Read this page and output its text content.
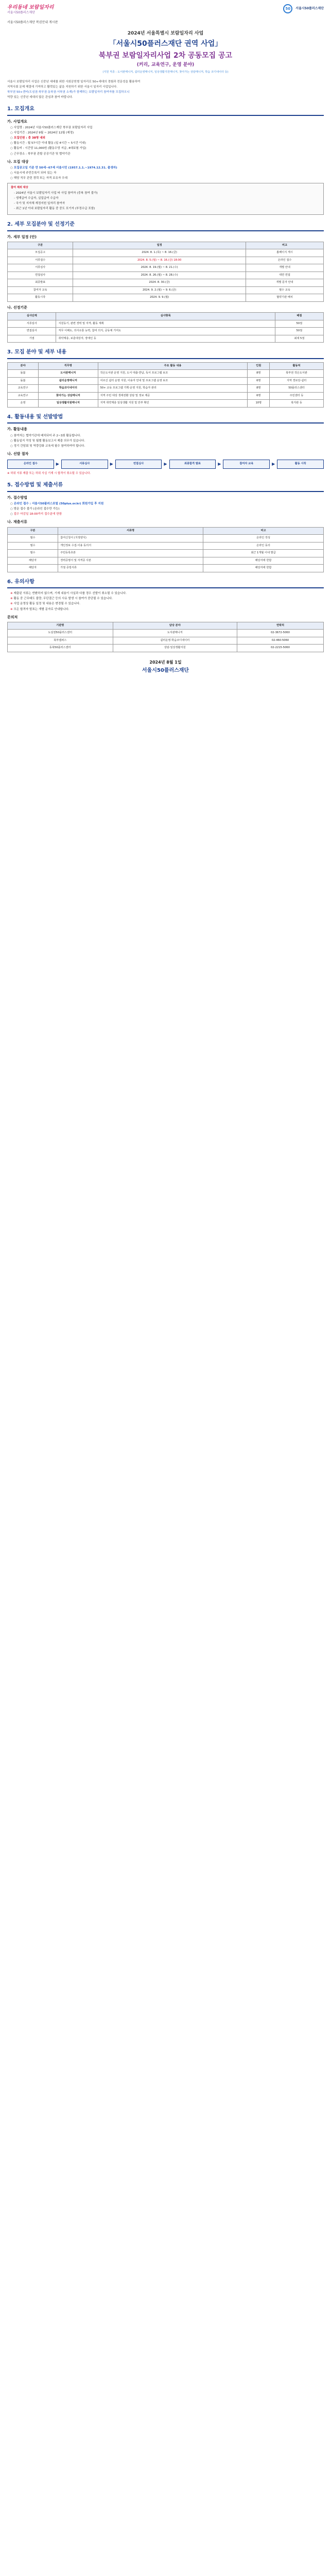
우리동네 보람일자리
서울시50플러스재단
50	서울시50플러스재단
서울시50플러스재단 복권안내 게시판
2024년 서울특별시 보람일자리 사업
「서울시50플러스재단 권역 사업」
북부권 보람일자리사업 2차 공동모집 공고
(커리, 교육연구, 운영 분야)
(지원 직종 : 도서관매니저, 쉼터운영매니저, 일상생활지원매니저, 찾아가는 상담매니저, 학습 코디네이터 등)

서울시 보람일자리 사업은 신중년 세대를 위한 사회공헌형 일자리로 50+세대의 경험과 전문성을 활용하여

지역사회 문제 해결에 기여하고 활력있는 삶을 지원하기 위한 서울시 일자리 사업입니다.

북부권 50+센터(도심권·북부권·동북권·서북권 소재)가 함께하는 보람일자리 참여자를 모집하오니

역량 있는 신중년 세대의 많은 관심과 참여 바랍니다.

1. 모집개요
가. 사업개요
○ 사업명 : 2024년 서울시50플러스재단 북부권 보람일자리 사업
○ 사업기간 : 2024년 9월 ~ 2024년 12월 (예정)
○ 모집인원 : 총 38명 내외
○ 활동시간 : 월 57시간 이내 활동 (일 4시간 ~ 5시간 이내)
○ 활동비 : 시간당 11,000원 (활동수당 지급, 4대보험 가입)
○ 근무장소 : 북부권 관할 공공기관 및 협약기관
나. 모집 대상
○ 모집공고일 기준 만 50세~67세 서울시민 (1957.1.1.~1974.12.31. 출생자)
○ 서울시에 주민등록이 되어 있는 자
○ 해당 직무 관련 경력 또는 자격 보유자 우대
참여 제외 대상
- 2024년 서울시 보람일자리 사업 타 사업 참여자 (중복 참여 불가)
- 생계급여 수급자, 실업급여 수급자
- 국가 및 지자체 재정지원 일자리 참여자
- 최근 1년 이내 보람일자리 활동 중 중도 포기자 (부정수급 포함)
2. 세부 모집분야 및 선정기준
가. 세부 일정 (안)
구분	일정	비고
모집공고	2024. 8. 1.(목) ~ 8. 16.(금)	홈페이지 게시
서류접수	2024. 8. 5.(월) ~ 8. 16.(금) 18:00	온라인 접수
서류심사	2024. 8. 19.(월) ~ 8. 21.(수)	개별 안내
면접심사	2024. 8. 26.(월) ~ 8. 28.(수)	대면 면접
최종발표	2024. 8. 30.(금)	개별 문자 안내
참여자 교육	2024. 9. 2.(월) ~ 9. 6.(금)	필수 교육
활동시작	2024. 9. 9.(월)	협약기관 배치
나. 선정기준
심사단계	심사항목	배점
서류심사	지원동기, 관련 경력 및 자격, 활동 계획	50점
면접심사	직무 이해도, 의사소통 능력, 참여 의지, 공동체 기여도	50점
가점	취약계층, 보훈대상자, 장애인 등	최대 5점
3. 모집 분야 및 세부 내용
분야	직무명	주요 활동 내용	인원	활동처
돌봄	도서관매니저	작은도서관 운영 지원, 도서 대출·반납, 독서 프로그램 보조	8명	북부권 작은도서관
돌봄	쉼터운영매니저	어르신 쉼터 운영 지원, 이용자 안내 및 프로그램 운영 보조	6명	지역 경로당·쉼터
교육연구	학습코디네이터	50+ 교육 프로그램 기획·운영 지원, 학습자 관리	8명	50플러스센터
교육연구	찾아가는 상담매니저	지역 주민 대상 생애전환 상담 및 정보 제공	6명	주민센터 등
운영	일상생활지원매니저	지역 취약계층 일상생활 지원 및 안부 확인	10명	복지관 등
4. 활동내용 및 선발방법
가. 활동내용
○ 참여자는 협약기관에 배치되어 주 2~3회 활동합니다.
○ 활동일지 작성 및 월별 활동보고서 제출 의무가 있습니다.
○ 정기 간담회 및 역량강화 교육에 필수 참여하여야 합니다.
나. 선발 절차
온라인 접수	▶	서류심사	▶	면접심사	▶	최종합격 발표	▶	참여자 교육	▶	활동 시작
※ 허위 서류 제출 또는 허위 사실 기재 시 합격이 취소될 수 있습니다.
5. 접수방법 및 제출서류
가. 접수방법
○ 온라인 접수 : 서울시50플러스포털 (50plus.or.kr) 회원가입 후 지원
○ 방문 접수 불가 (온라인 접수만 가능)
○ 접수 마감일 18:00까지 접수분에 한함
나. 제출서류
구분	서류명	비고
필수	참여신청서 (지정양식)	온라인 작성
필수	개인정보 수집·이용 동의서	온라인 동의
필수	주민등록초본	최근 1개월 이내 발급
해당자	경력증명서 및 자격증 사본	해당자에 한함
해당자	가점 증빙서류	해당자에 한함
6. 유의사항
※ 제출된 서류는 반환하지 않으며, 기재 내용이 사실과 다를 경우 선발이 취소될 수 있습니다.
※ 활동 중 근무태도 불량, 무단결근 등의 사유 발생 시 참여가 중단될 수 있습니다.
※ 사업 운영상 활동 일정 및 내용은 변경될 수 있습니다.
※ 모든 합격자 발표는 개별 문자로 안내합니다.
문의처
기관명	담당 분야	연락처
도심권50플러스센터	도서관매니저	02-3672-5060
북부캠퍼스	쉼터운영·학습코디네이터	02-460-5060
동북50플러스센터	상담·일상생활지원	02-2215-5060
2024년 8월 1일
서울시50플러스재단
